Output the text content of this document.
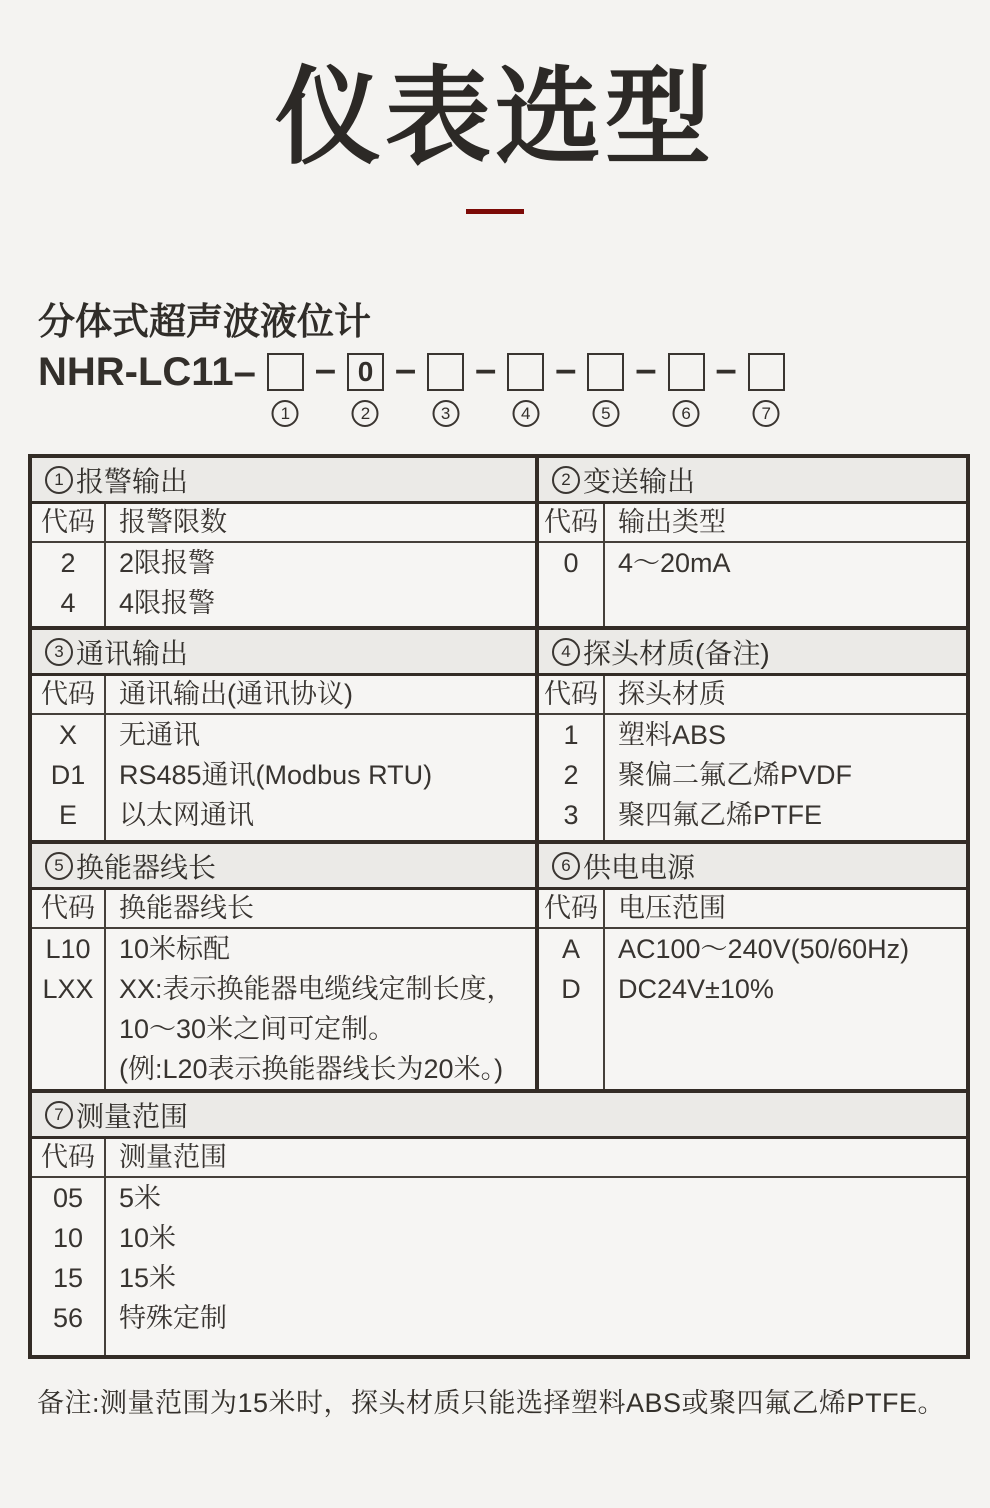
仪表选型
分体式超声波液位计
NHR-LC11–
1
– 0
2
–
3
–
4
–
5
–
6
–
7
1 报警输出
代码
2
4
报警限数
2限报警
4限报警
2 变送输出
代码
0
输出类型
4～20mA
3 通讯输出
代码
X
D1
E
通讯输出(通讯协议)
无通讯
RS485通讯(Modbus RTU)
以太网通讯
4 探头材质(备注)
代码
1
2
3
探头材质
塑料ABS
聚偏二氟乙烯PVDF
聚四氟乙烯PTFE
5 换能器线长
代码
L10
LXX
换能器线长
10米标配
XX:表示换能器电缆线定制长度，
10～30米之间可定制。
(例:L20表示换能器线长为20米。)
6 供电电源
代码
A
D
电压范围
AC100～240V(50/60Hz)
DC24V±10%
7 测量范围
代码
05
10
15
56
测量范围
5米
10米
15米
特殊定制
备注:测量范围为15米时，探头材质只能选择塑料ABS或聚四氟乙烯PTFE。
